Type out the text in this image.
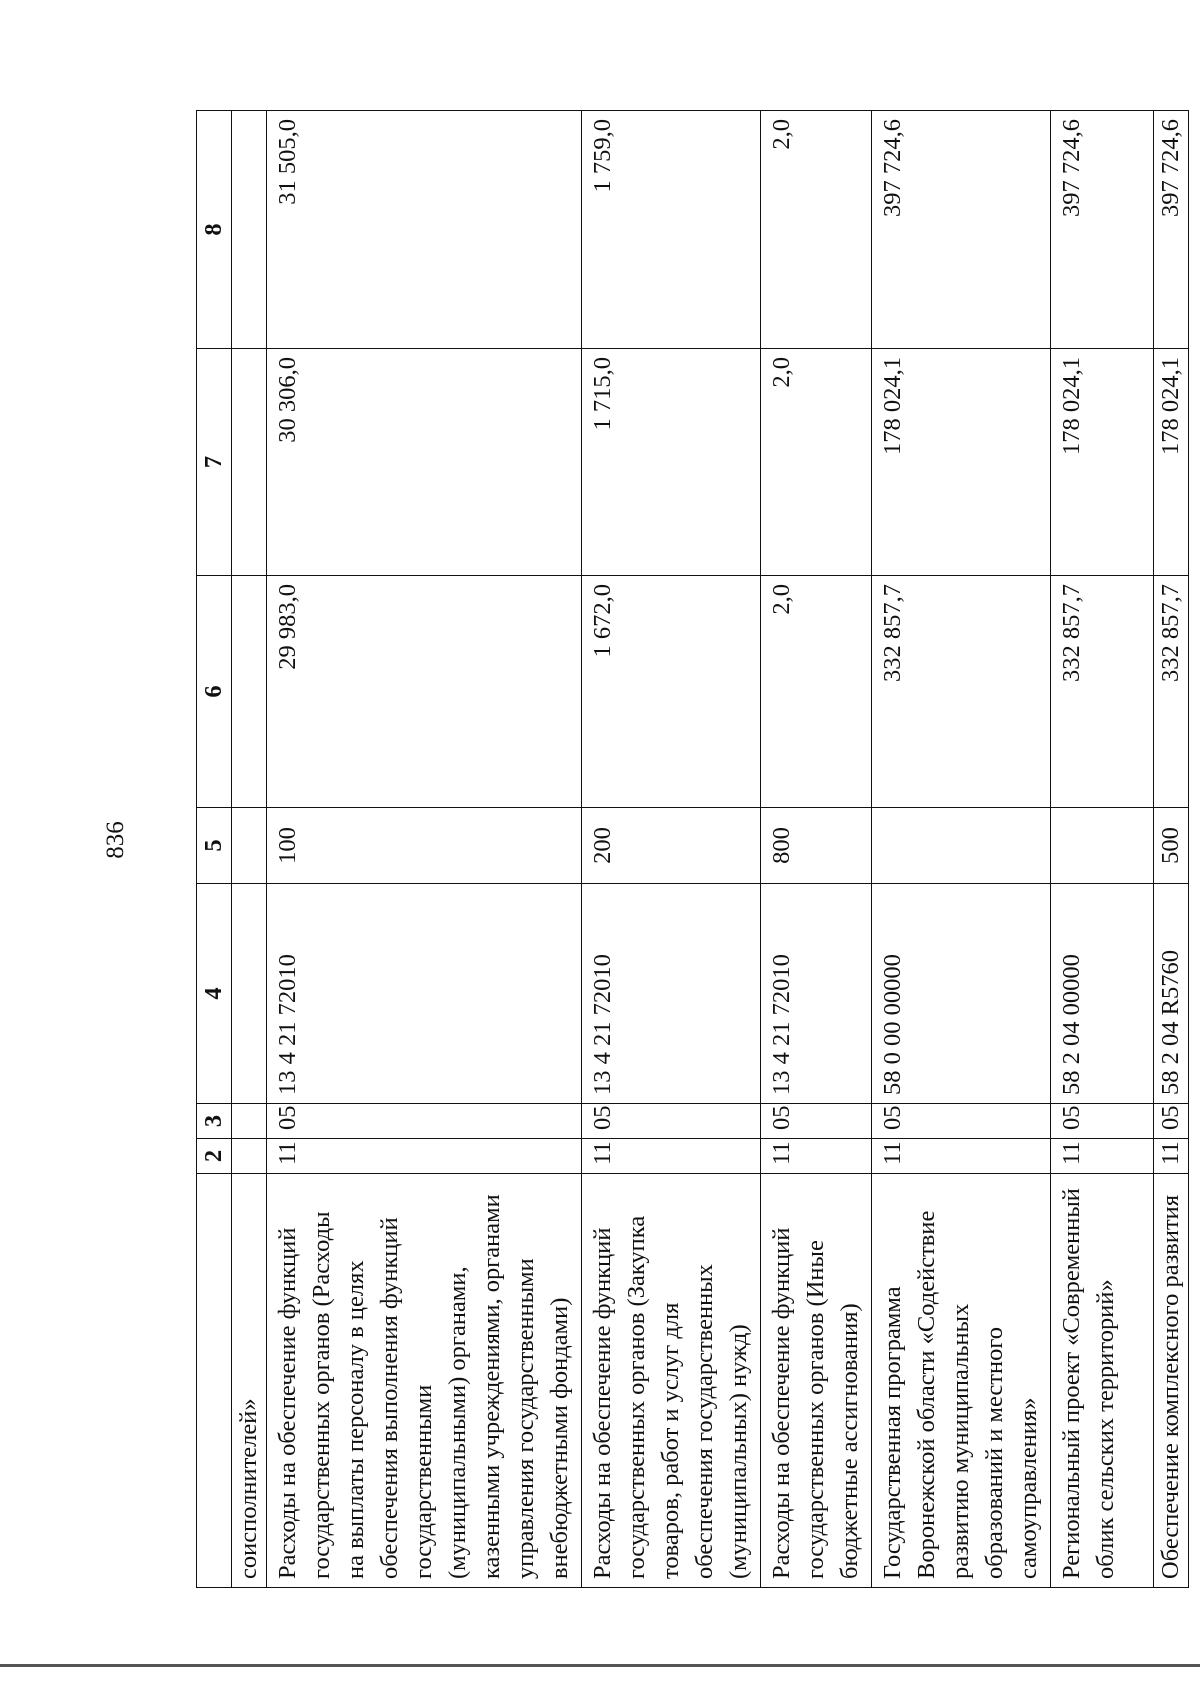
836
	2	3	4	5	6	7	8
соисполнителей»							
Расходы на обеспечение функций государственных органов (Расходы на выплаты персоналу в целях обеспечения выполнения функций государственными (муниципальными) органами, казенными учреждениями, органами управления государственными внебюджетными фондами)	11	05	13 4 21 72010	100	29 983,0	30 306,0	31 505,0
Расходы на обеспечение функций государственных органов (Закупка товаров, работ и услуг для обеспечения государственных (муниципальных) нужд)	11	05	13 4 21 72010	200	1 672,0	1 715,0	1 759,0
Расходы на обеспечение функций государственных органов (Иные бюджетные ассигнования)	11	05	13 4 21 72010	800	2,0	2,0	2,0
Государственная программа Воронежской области «Содействие развитию муниципальных образований и местного самоуправления»	11	05	58 0 00 00000		332 857,7	178 024,1	397 724,6
Региональный проект «Современный облик сельских территорий»	11	05	58 2 04 00000		332 857,7	178 024,1	397 724,6
Обеспечение комплексного развития	11	05	58 2 04 R5760	500	332 857,7	178 024,1	397 724,6
